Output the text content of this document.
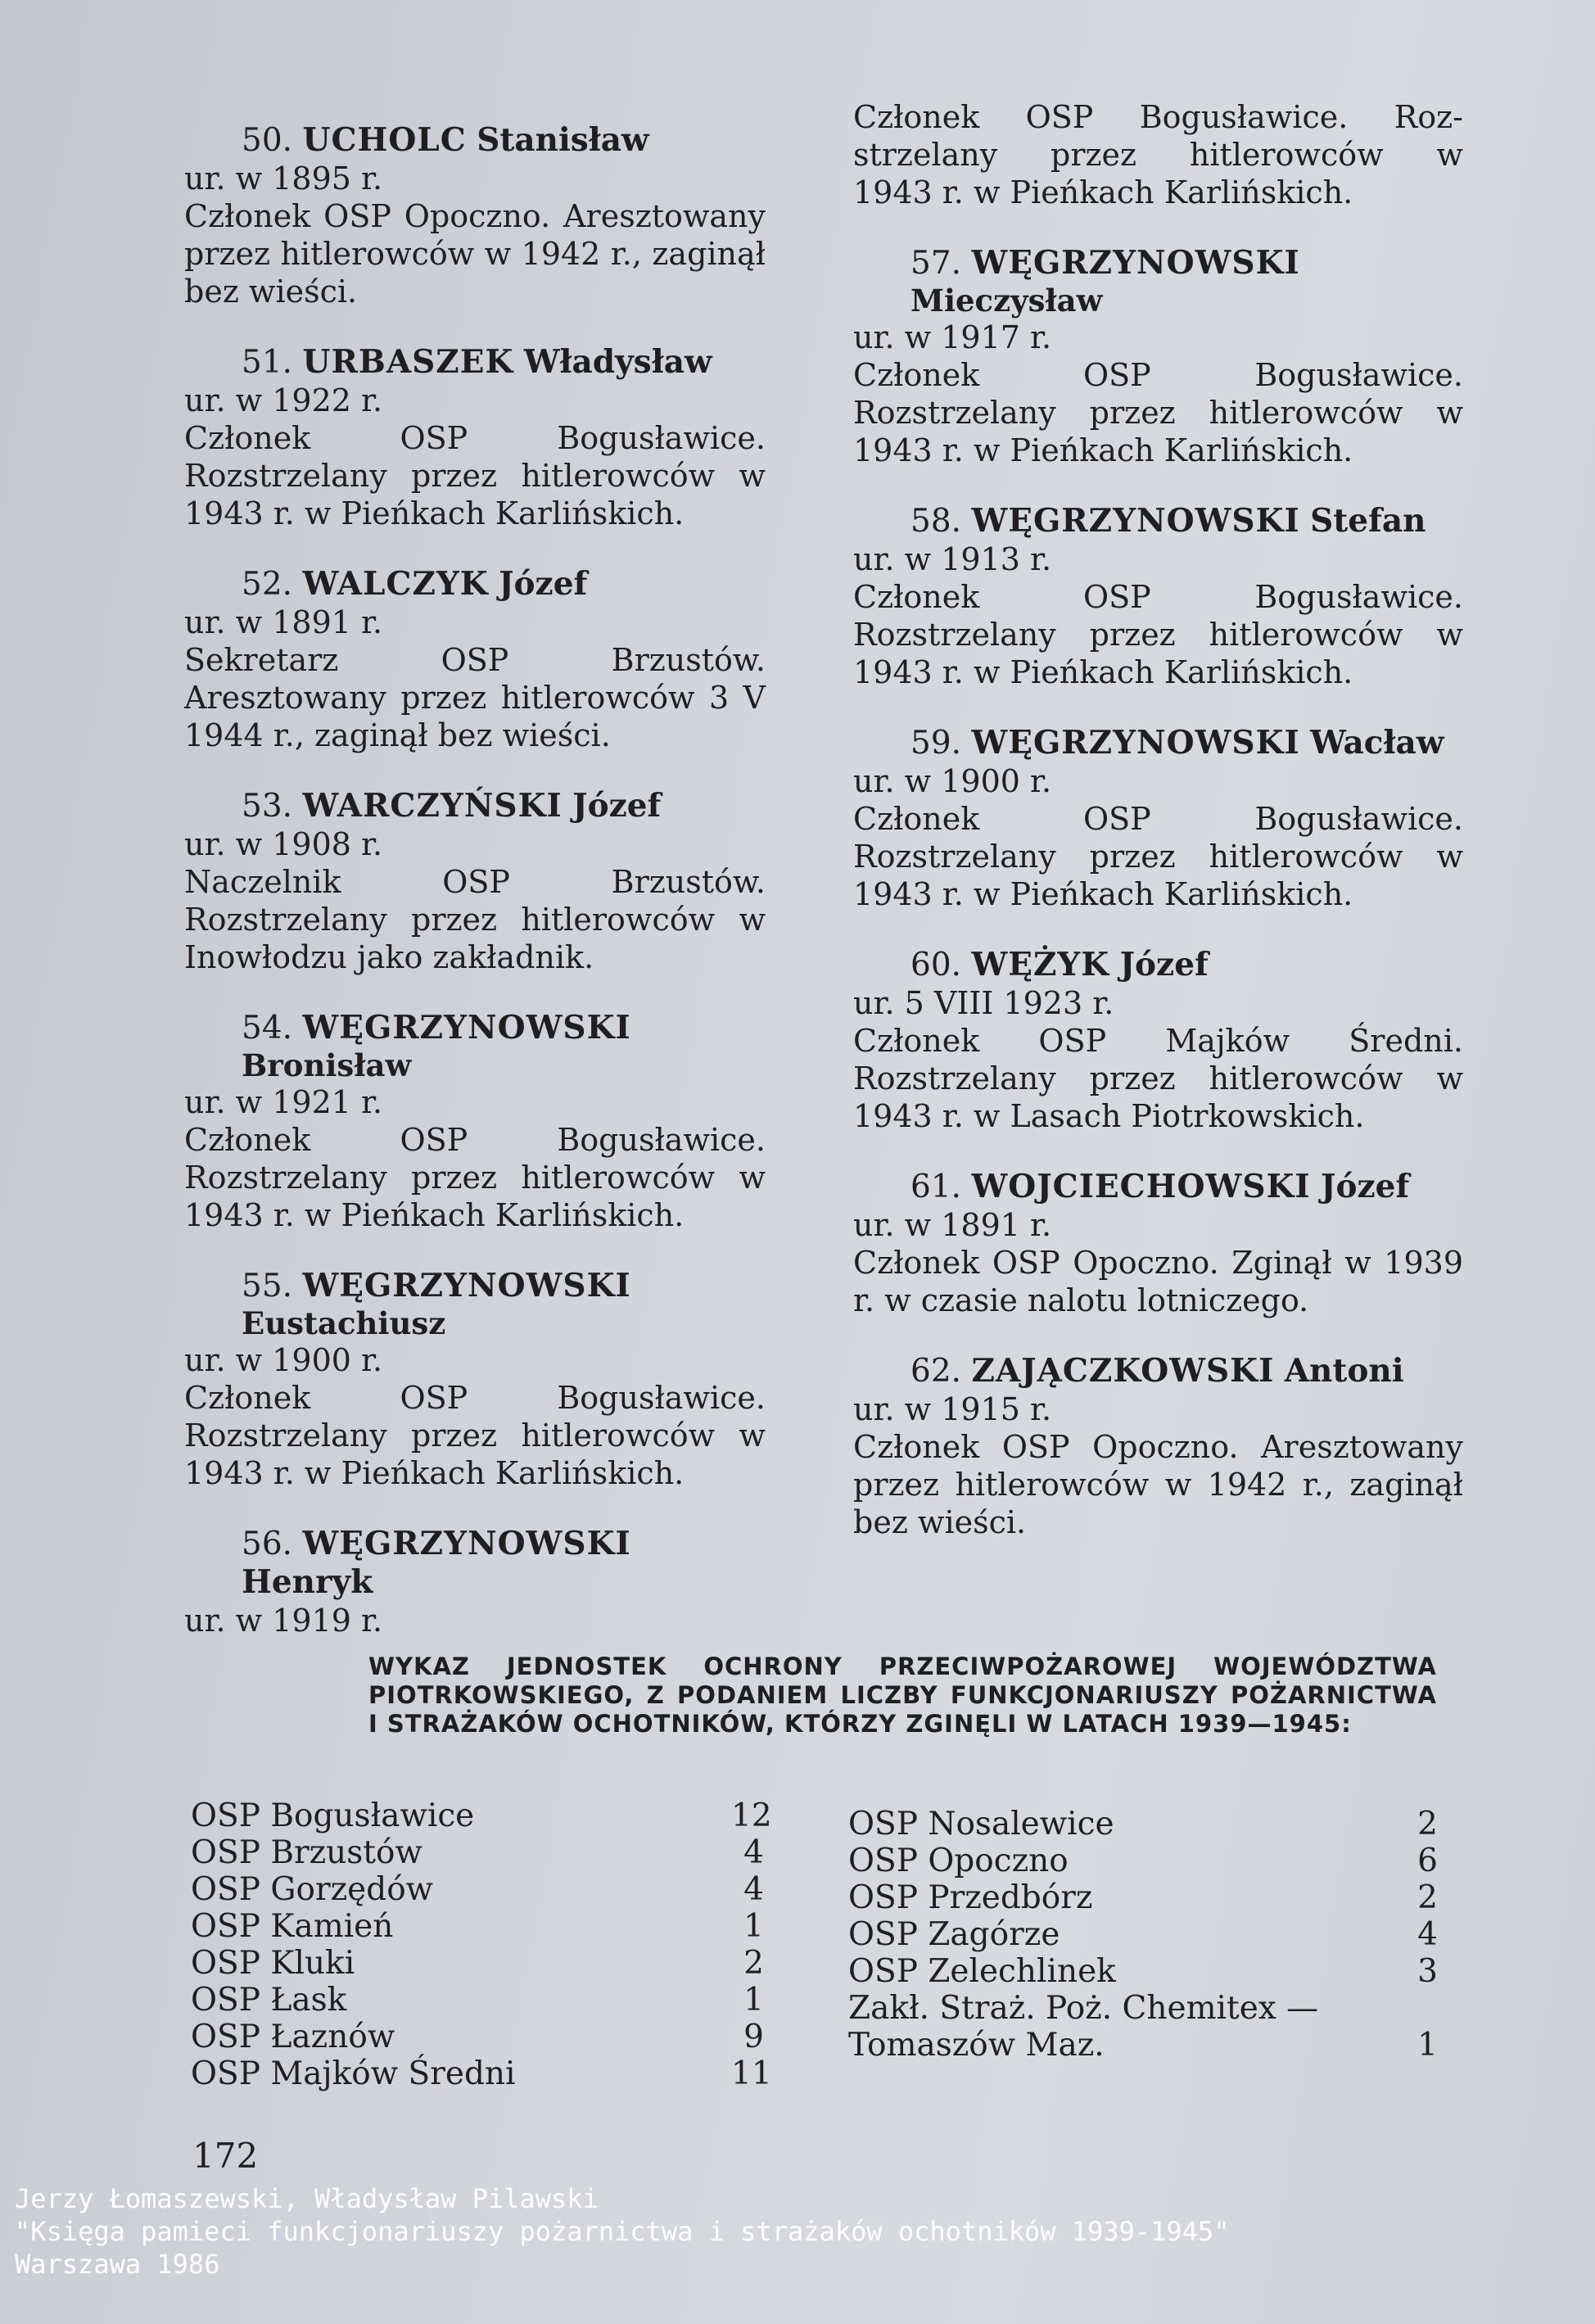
50. UCHOLC Stanisław
ur. w 1895 r.

Członek OSP Opoczno. Aresztowany przez hitlerowców w 1942 r., zaginął bez wieści.

51. URBASZEK Władysław
ur. w 1922 r.

Członek OSP Bogusławice. Rozstrzelany przez hitlerowców w 1943 r. w Pieńkach Karlińskich.

52. WALCZYK Józef
ur. w 1891 r.

Sekretarz OSP Brzustów. Aresztowany przez hitlerowców 3 V 1944 r., zaginął bez wieści.

53. WARCZYŃSKI Józef
ur. w 1908 r.

Naczelnik OSP Brzustów. Rozstrzelany przez hitlerowców w Inowłodzu jako zakładnik.

54. WĘGRZYNOWSKI
Bronisław
ur. w 1921 r.

Członek OSP Bogusławice. Rozstrzelany przez hitlerowców w 1943 r. w Pieńkach Karlińskich.

55. WĘGRZYNOWSKI
Eustachiusz
ur. w 1900 r.

Członek OSP Bogusławice. Rozstrzelany przez hitlerowców w 1943 r. w Pieńkach Karlińskich.

56. WĘGRZYNOWSKI Henryk
ur. w 1919 r.

Członek OSP Bogusławice. Roz-

strzelany przez hitlerowców w

1943 r. w Pieńkach Karlińskich.

57. WĘGRZYNOWSKI
Mieczysław
ur. w 1917 r.

Członek OSP Bogusławice. Rozstrzelany przez hitlerowców w 1943 r. w Pieńkach Karlińskich.

58. WĘGRZYNOWSKI Stefan
ur. w 1913 r.

Członek OSP Bogusławice. Rozstrzelany przez hitlerowców w 1943 r. w Pieńkach Karlińskich.

59. WĘGRZYNOWSKI Wacław
ur. w 1900 r.

Członek OSP Bogusławice. Rozstrzelany przez hitlerowców w 1943 r. w Pieńkach Karlińskich.

60. WĘŻYK Józef
ur. 5 VIII 1923 r.

Członek OSP Majków Średni. Rozstrzelany przez hitlerowców w 1943 r. w Lasach Piotrkowskich.

61. WOJCIECHOWSKI Józef
ur. w 1891 r.

Członek OSP Opoczno. Zginął w 1939 r. w czasie nalotu lotniczego.

62. ZAJĄCZKOWSKI Antoni
ur. w 1915 r.

Członek OSP Opoczno. Aresztowany przez hitlerowców w 1942 r., zaginął bez wieści.

WYKAZ JEDNOSTEK OCHRONY PRZECIWPOŻAROWEJ WOJEWÓDZTWA PIOTRKOWSKIEGO, Z PODANIEM LICZBY FUNKCJONARIUSZY POŻARNICTWA I STRAŻAKÓW OCHOTNIKÓW, KTÓRZY ZGINĘLI W LATACH 1939—1945:
OSP Bogusławice	12
OSP Brzustów	4
OSP Gorzędów	4
OSP Kamień	1
OSP Kluki	2
OSP Łask	1
OSP Łaznów	9
OSP Majków Średni	11
OSP Nosalewice	2
OSP Opoczno	6
OSP Przedbórz	2
OSP Zagórze	4
OSP Zelechlinek	3
Zakł. Straż. Poż. Chemitex —
Tomaszów Maz.	1
172
Jerzy Łomaszewski, Władysław Pilawski
"Księga pamieci funkcjonariuszy pożarnictwa i strażaków ochotników 1939-1945"
Warszawa 1986
